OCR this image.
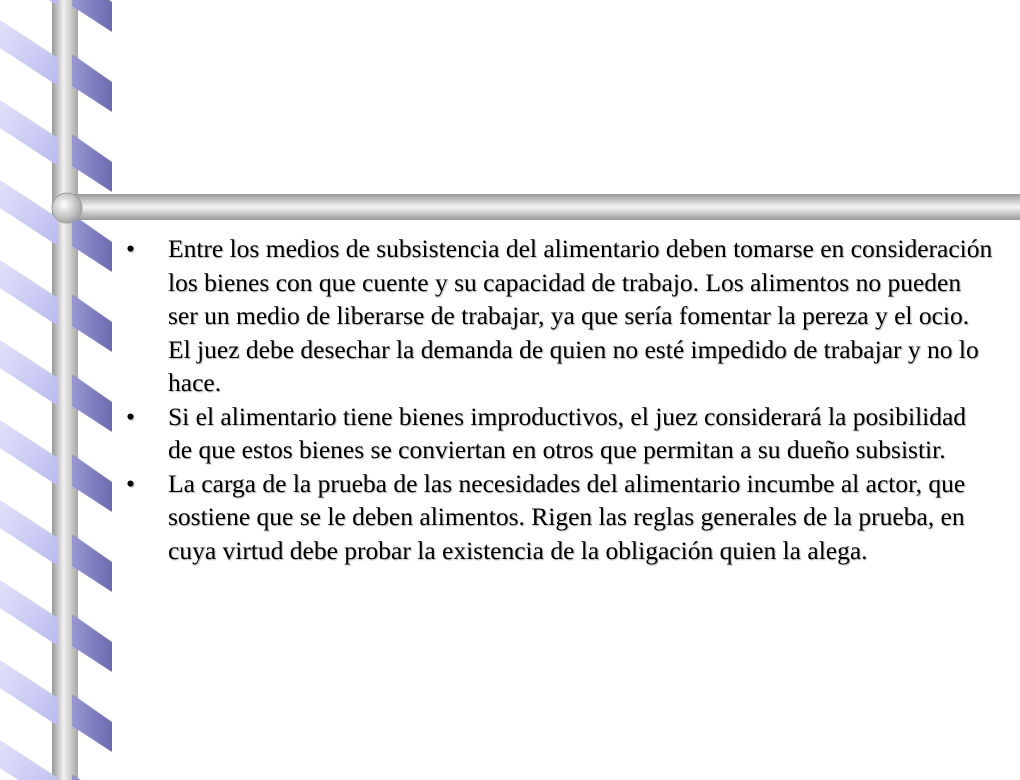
•	Entre los medios de subsistencia del alimentario deben tomarse en consideración los bienes con que cuente y su capacidad de trabajo. Los alimentos no pueden ser un medio de liberarse de trabajar, ya que sería fomentar la pereza y el ocio. El juez debe desechar la demanda de quien no esté impedido de trabajar y no lo hace.
•	Si el alimentario tiene bienes improductivos, el juez considerará la posibilidad de que estos bienes se conviertan en otros que permitan a su dueño subsistir.
•	La carga de la prueba de las necesidades del alimentario incumbe al actor, que sostiene que se le deben alimentos. Rigen las reglas generales de la prueba, en cuya virtud debe probar la existencia de la obligación quien la alega.
